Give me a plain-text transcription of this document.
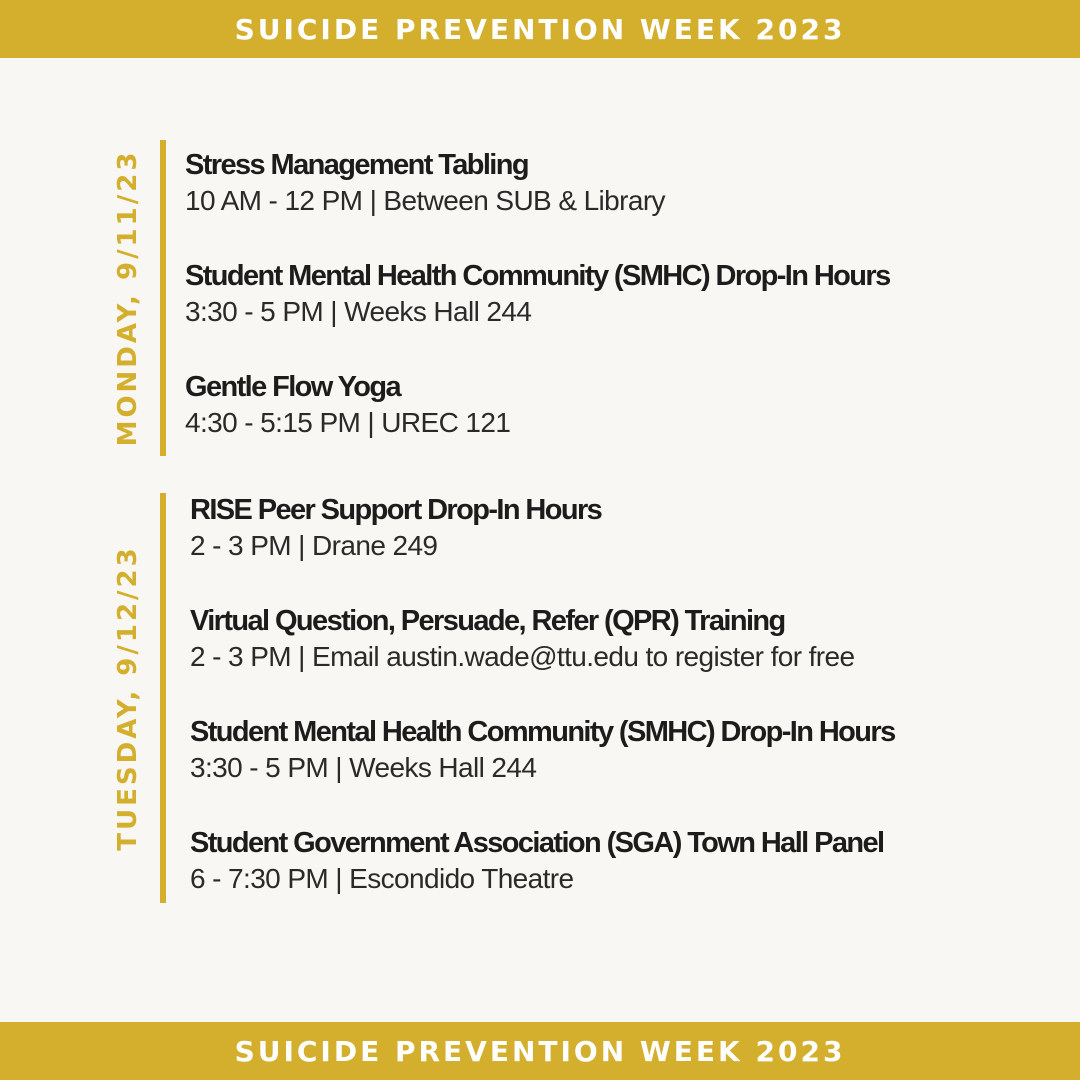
SUICIDE PREVENTION WEEK 2023
MONDAY, 9/11/23 Stress Management Tabling
10 AM - 12 PM | Between SUB & Library
Student Mental Health Community (SMHC) Drop-In Hours
3:30 - 5 PM | Weeks Hall 244
Gentle Flow Yoga
4:30 - 5:15 PM | UREC 121
TUESDAY, 9/12/23
RISE Peer Support Drop-In Hours
2 - 3 PM | Drane 249
Virtual Question, Persuade, Refer (QPR) Training
2 - 3 PM | Email austin.wade@ttu.edu to register for free
Student Mental Health Community (SMHC) Drop-In Hours
3:30 - 5 PM | Weeks Hall 244
Student Government Association (SGA) Town Hall Panel
6 - 7:30 PM | Escondido Theatre
SUICIDE PREVENTION WEEK 2023
